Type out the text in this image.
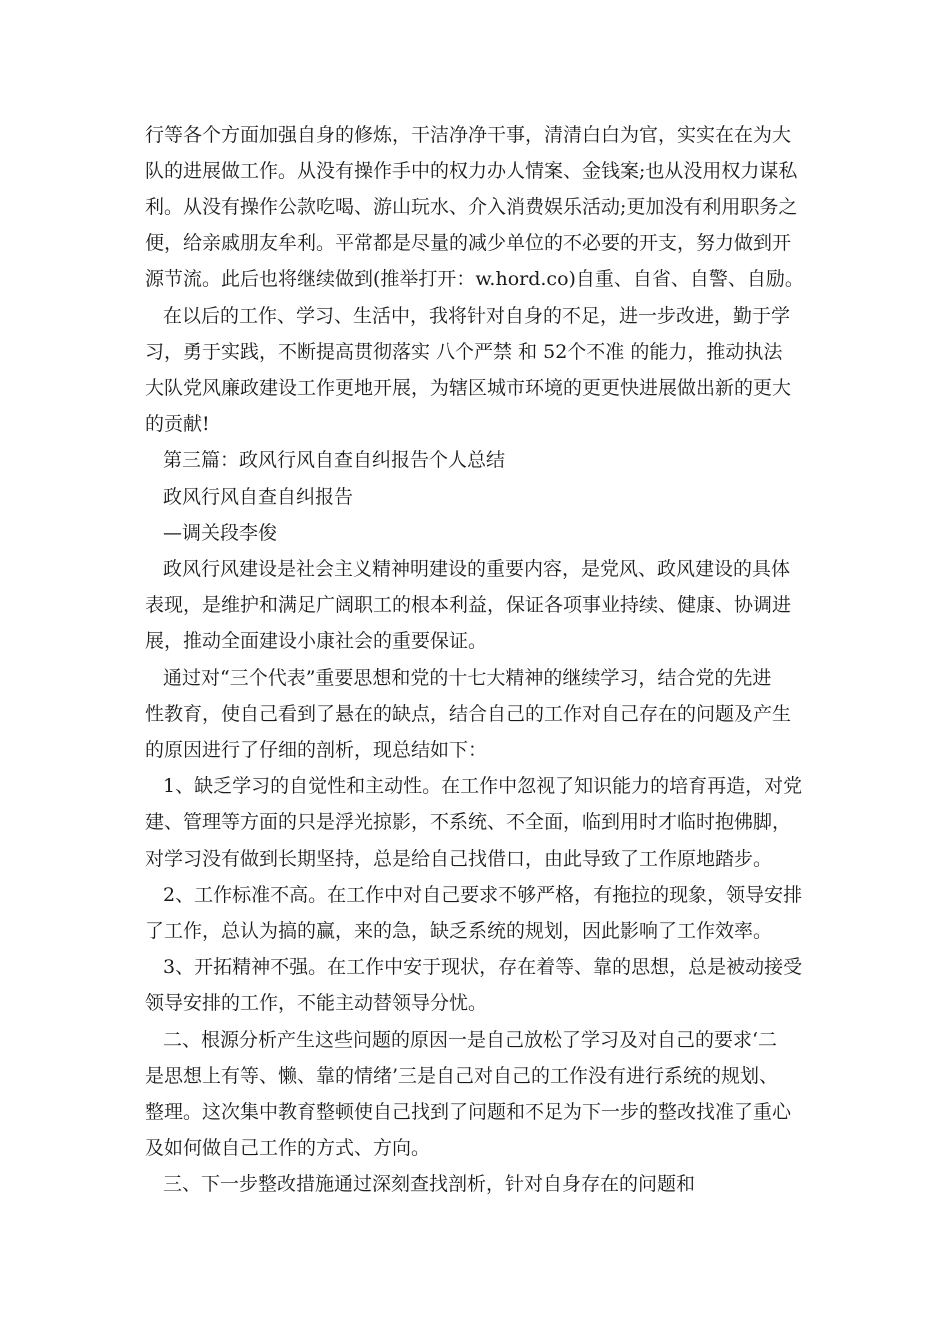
行等各个方面加强自身的修炼，干洁净净干事，清清白白为官，实实在在为大
队的进展做工作。从没有操作手中的权力办人情案、金钱案;也从没用权力谋私
利。从没有操作公款吃喝、游山玩水、介入消费娱乐活动;更加没有利用职务之
便，给亲戚朋友牟利。平常都是尽量的减少单位的不必要的开支，努力做到开
源节流。此后也将继续做到(推举打开：w.hord.co)自重、自省、自警、自励。
在以后的工作、学习、生活中，我将针对自身的不足，进一步改进，勤于学
习，勇于实践，不断提高贯彻落实 八个严禁 和 52个不准 的能力，推动执法
大队党风廉政建设工作更地开展，为辖区城市环境的更更快进展做出新的更大
的贡献!
第三篇：政风行风自查自纠报告个人总结
政风行风自查自纠报告
—调关段李俊
政风行风建设是社会主义精神明建设的重要内容，是党风、政风建设的具体
表现，是维护和满足广阔职工的根本利益，保证各项事业持续、健康、协调进
展，推动全面建设小康社会的重要保证。
通过对“三个代表”重要思想和党的十七大精神的继续学习，结合党的先进
性教育，使自己看到了悬在的缺点，结合自己的工作对自己存在的问题及产生
的原因进行了仔细的剖析，现总结如下：
1、缺乏学习的自觉性和主动性。在工作中忽视了知识能力的培育再造，对党
建、管理等方面的只是浮光掠影，不系统、不全面，临到用时才临时抱佛脚，
对学习没有做到长期坚持，总是给自己找借口，由此导致了工作原地踏步。
2、工作标准不高。在工作中对自己要求不够严格，有拖拉的现象，领导安排
了工作，总认为搞的赢，来的急，缺乏系统的规划，因此影响了工作效率。
3、开拓精神不强。在工作中安于现状，存在着等、靠的思想，总是被动接受
领导安排的工作，不能主动替领导分忧。
二、根源分析产生这些问题的原因一是自己放松了学习及对自己的要求‘二
是思想上有等、懒、靠的情绪’三是自己对自己的工作没有进行系统的规划、
整理。这次集中教育整顿使自己找到了问题和不足为下一步的整改找准了重心
及如何做自己工作的方式、方向。
三、下一步整改措施通过深刻查找剖析，针对自身存在的问题和
